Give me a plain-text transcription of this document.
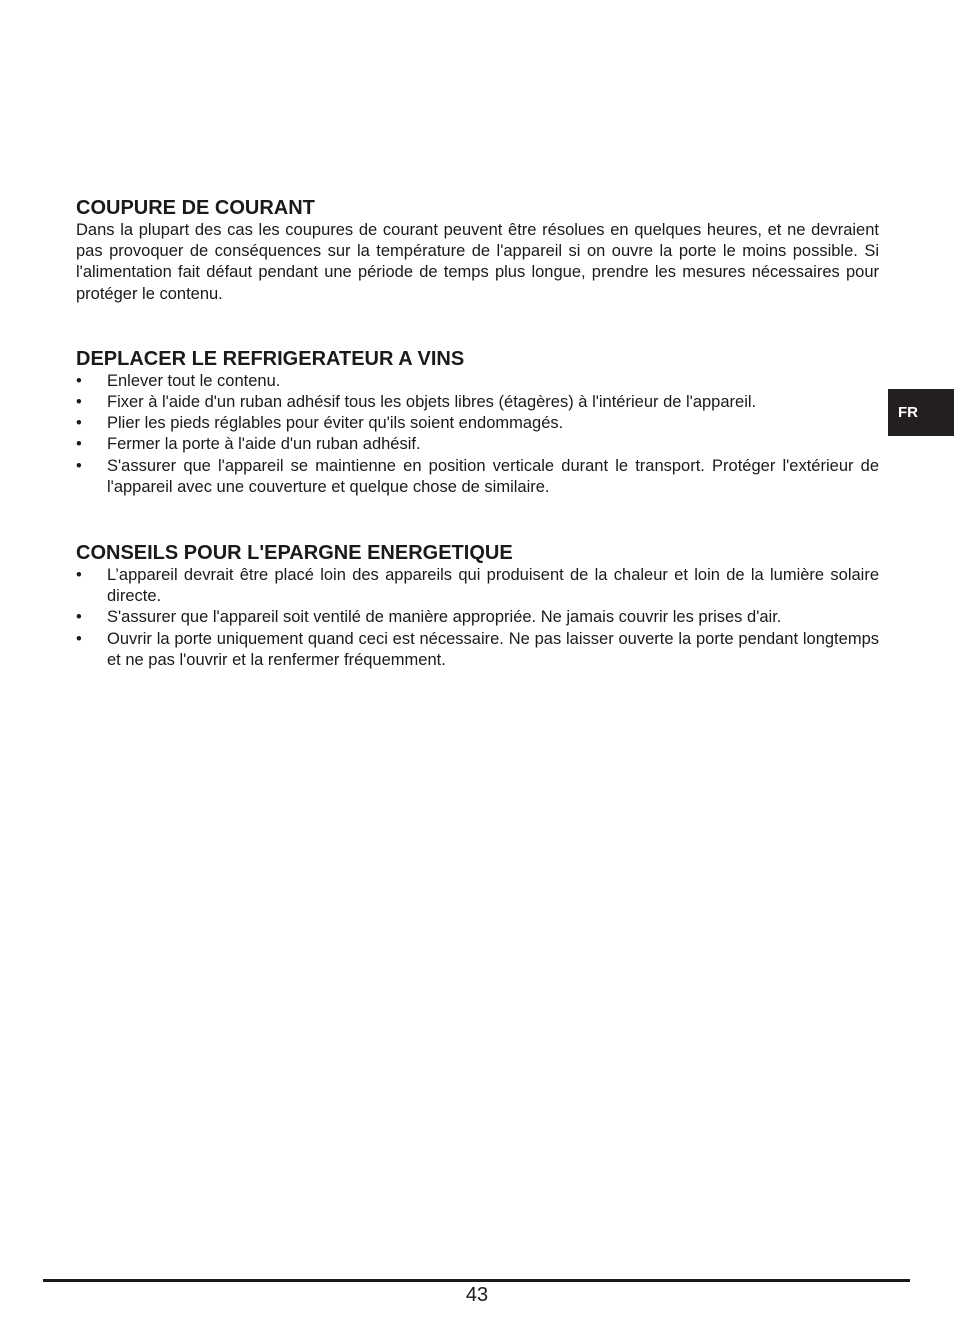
COUPURE DE COURANT

Dans la plupart des cas les coupures de courant peuvent être résolues en quelques heures, et ne devraient pas provoquer de conséquences sur la température de l'appareil si on ouvre la porte le moins possible. Si l'alimentation fait défaut pendant une période de temps plus longue, prendre les mesures nécessaires pour protéger le contenu.

DEPLACER LE REFRIGERATEUR A VINS
• Enlever tout le contenu.
• Fixer à l'aide d'un ruban adhésif tous les objets libres (étagères) à l'intérieur de l'appareil.
• Plier les pieds réglables pour éviter qu'ils soient endommagés.
• Fermer la porte à l'aide d'un ruban adhésif.
• S'assurer que l'appareil se maintienne en position verticale durant le transport. Protéger l'extérieur de l'appareil avec une couverture et quelque chose de similaire.
CONSEILS POUR L'EPARGNE ENERGETIQUE
• L’appareil devrait être placé loin des appareils qui produisent de la chaleur et loin de la lumière solaire directe.
• S'assurer que l'appareil soit ventilé de manière appropriée. Ne jamais couvrir les prises d'air.
• Ouvrir la porte uniquement quand ceci est nécessaire. Ne pas laisser ouverte la porte pendant longtemps et ne pas l'ouvrir et la renfermer fréquemment.
FR
43
